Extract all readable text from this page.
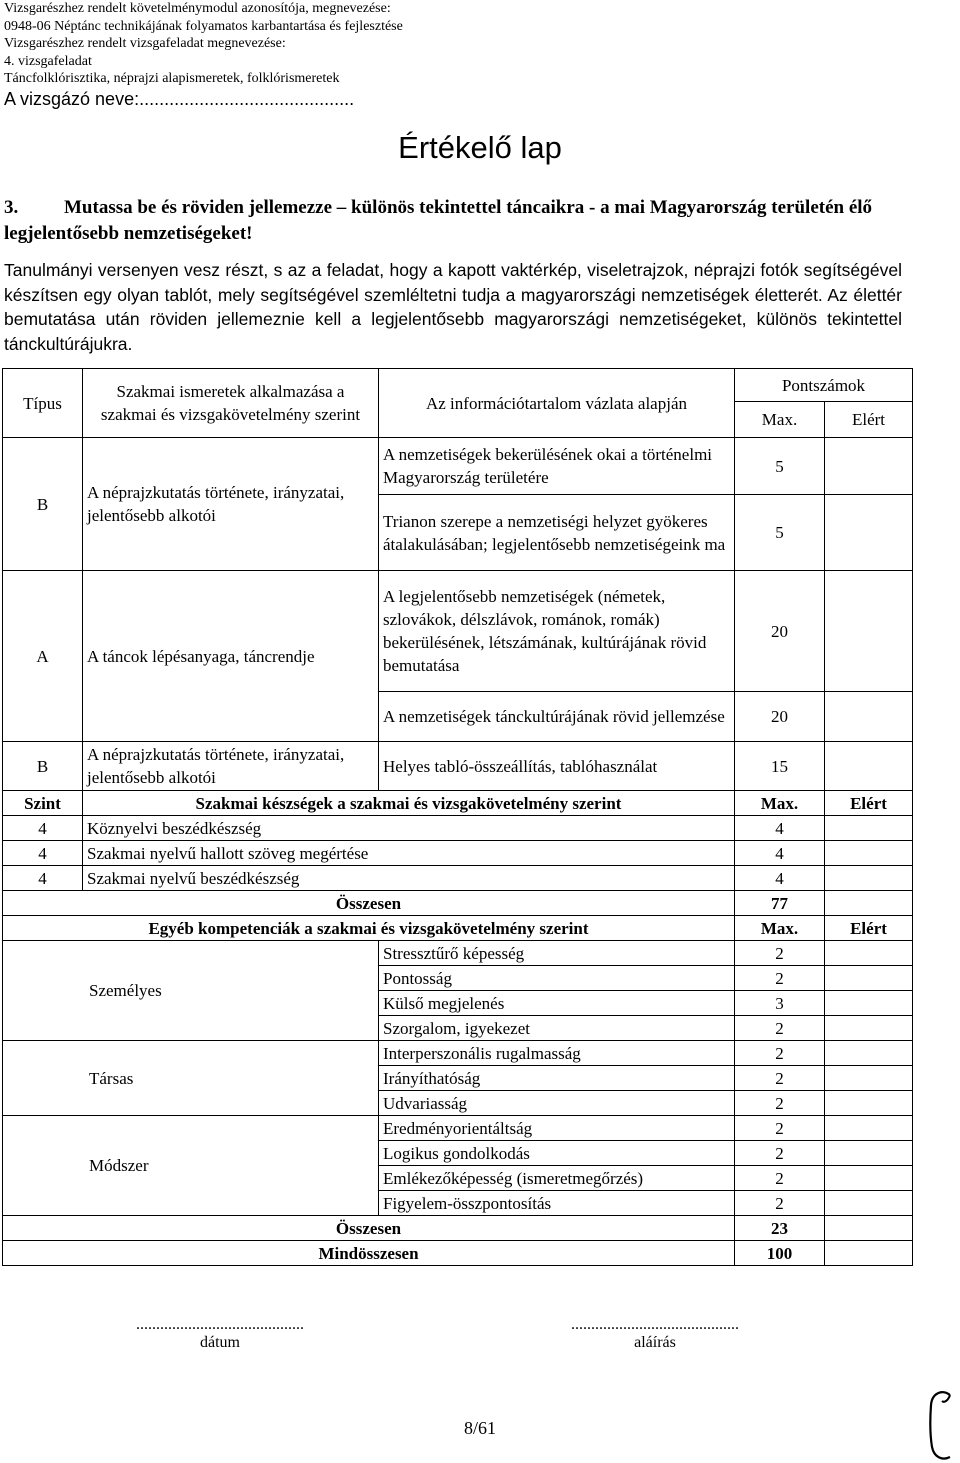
Vizsgarészhez rendelt követelménymodul azonosítója, megnevezése:
0948-06 Néptánc technikájának folyamatos karbantartása és fejlesztése
Vizsgarészhez rendelt vizsgafeladat megnevezése:
4. vizsgafeladat
Táncfolklórisztika, néprajzi alapismeretek, folklórismeretek
A vizsgázó neve:...........................................
Értékelő lap
3. Mutassa be és röviden jellemezze – különös tekintettel táncaikra - a mai Magyarország területén élő legjelentősebb nemzetiségeket!
Tanulmányi versenyen vesz részt, s az a feladat, hogy a kapott vaktérkép, viseletrajzok, néprajzi fotók segítségével készítsen egy olyan tablót, mely segítségével szemléltetni tudja a magyarországi nemzetiségek életterét. Az élettér bemutatása után röviden jellemeznie kell a legjelentősebb magyarországi nemzetiségeket, különös tekintettel tánckultúrájukra.
Típus	Szakmai ismeretek alkalmazása a szakmai és vizsgakövetelmény szerint	Az információtartalom vázlata alapján	Pontszámok	
			Max.	Elért
B	A néprajzkutatás története, irányzatai, jelentősebb alkotói	A nemzetiségek bekerülésének okai a történelmi Magyarország területére	5	
		Trianon szerepe a nemzetiségi helyzet gyökeres átalakulásában; legjelentősebb nemzetiségeink ma	5	
A	A táncok lépésanyaga, táncrendje	A legjelentősebb nemzetiségek (németek, szlovákok, délszlávok, románok, romák) bekerülésének, létszámának, kultúrájának rövid bemutatása	20	
		A nemzetiségek tánckultúrájának rövid jellemzése	20	
B	A néprajzkutatás története, irányzatai, jelentősebb alkotói	Helyes tabló-összeállítás, tablóhasználat	15	
Szint	Szakmai készségek a szakmai és vizsgakövetelmény szerint		Max.	Elért
4	Köznyelvi beszédkészség		4	
4	Szakmai nyelvű hallott szöveg megértése		4	
4	Szakmai nyelvű beszédkészség		4	
Összesen			77	
Egyéb kompetenciák a szakmai és vizsgakövetelmény szerint			Max.	Elért
Személyes		Stressztűrő képesség	2	
		Pontosság	2	
		Külső megjelenés	3	
		Szorgalom, igyekezet	2	
Társas		Interperszonális rugalmasság	2	
		Irányíthatóság	2	
		Udvariasság	2	
Módszer		Eredményorientáltság	2	
		Logikus gondolkodás	2	
		Emlékezőképesség (ismeretmegőrzés)	2	
		Figyelem-összpontosítás	2	
Összesen			23	
Mindösszesen			100	
..........................................
dátum
..........................................
aláírás
8/61
